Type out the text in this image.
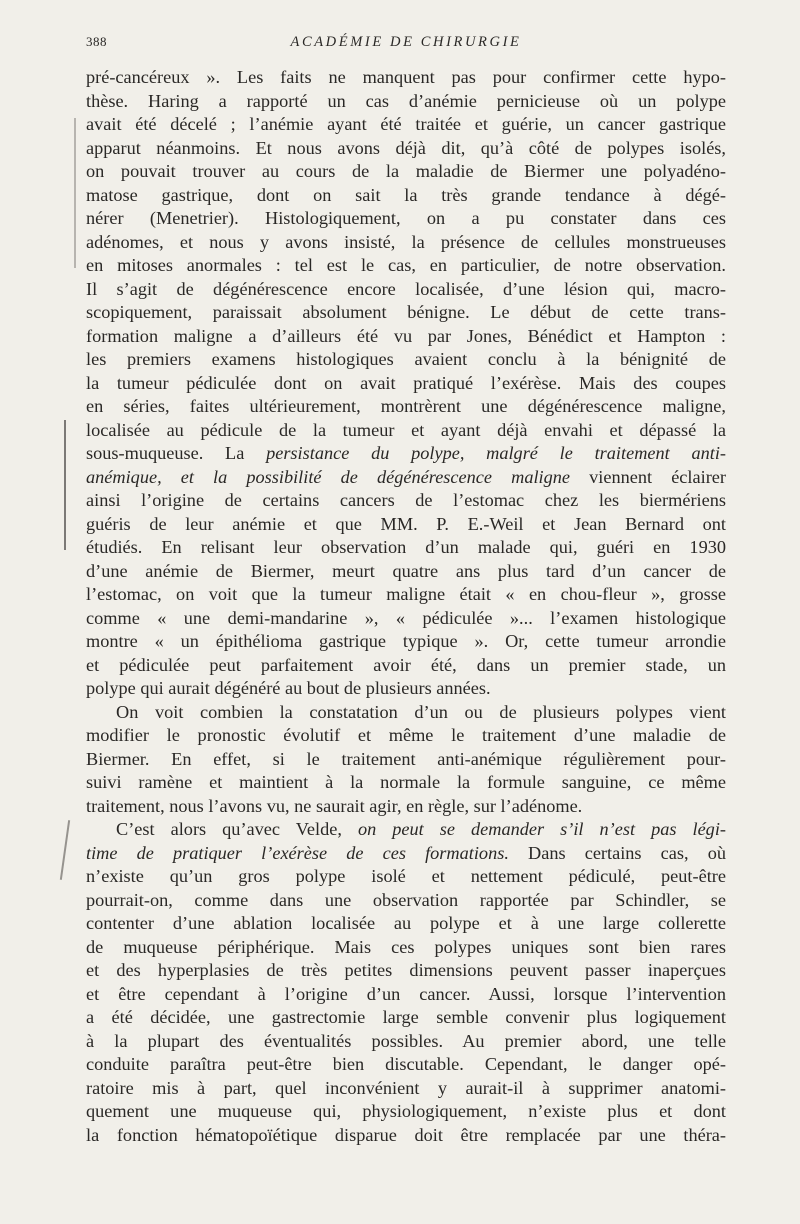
388	ACADÉMIE DE CHIRURGIE
pré-cancéreux ». Les faits ne manquent pas pour confirmer cette hypo-
thèse. Haring a rapporté un cas d’anémie pernicieuse où un polype
avait été décelé ; l’anémie ayant été traitée et guérie, un cancer gastrique
apparut néanmoins. Et nous avons déjà dit, qu’à côté de polypes isolés,
on pouvait trouver au cours de la maladie de Biermer une polyadéno-
matose gastrique, dont on sait la très grande tendance à dégé-
nérer (Menetrier). Histologiquement, on a pu constater dans ces
adénomes, et nous y avons insisté, la présence de cellules monstrueuses
en mitoses anormales : tel est le cas, en particulier, de notre observation.
Il s’agit de dégénérescence encore localisée, d’une lésion qui, macro-
scopiquement, paraissait absolument bénigne. Le début de cette trans-
formation maligne a d’ailleurs été vu par Jones, Bénédict et Hampton :
les premiers examens histologiques avaient conclu à la bénignité de
la tumeur pédiculée dont on avait pratiqué l’exérèse. Mais des coupes
en séries, faites ultérieurement, montrèrent une dégénérescence maligne,
localisée au pédicule de la tumeur et ayant déjà envahi et dépassé la
sous-muqueuse. La persistance du polype, malgré le traitement anti-
anémique, et la possibilité de dégénérescence maligne viennent éclairer
ainsi l’origine de certains cancers de l’estomac chez les biermériens
guéris de leur anémie et que MM. P. E.-Weil et Jean Bernard ont
étudiés. En relisant leur observation d’un malade qui, guéri en 1930
d’une anémie de Biermer, meurt quatre ans plus tard d’un cancer de
l’estomac, on voit que la tumeur maligne était « en chou-fleur », grosse
comme « une demi-mandarine », « pédiculée »... l’examen histologique
montre « un épithélioma gastrique typique ». Or, cette tumeur arrondie
et pédiculée peut parfaitement avoir été, dans un premier stade, un
polype qui aurait dégénéré au bout de plusieurs années.
On voit combien la constatation d’un ou de plusieurs polypes vient
modifier le pronostic évolutif et même le traitement d’une maladie de
Biermer. En effet, si le traitement anti-anémique régulièrement pour-
suivi ramène et maintient à la normale la formule sanguine, ce même
traitement, nous l’avons vu, ne saurait agir, en règle, sur l’adénome.
C’est alors qu’avec Velde, on peut se demander s’il n’est pas légi-
time de pratiquer l’exérèse de ces formations. Dans certains cas, où
n’existe qu’un gros polype isolé et nettement pédiculé, peut-être
pourrait-on, comme dans une observation rapportée par Schindler, se
contenter d’une ablation localisée au polype et à une large collerette
de muqueuse périphérique. Mais ces polypes uniques sont bien rares
et des hyperplasies de très petites dimensions peuvent passer inaperçues
et être cependant à l’origine d’un cancer. Aussi, lorsque l’intervention
a été décidée, une gastrectomie large semble convenir plus logiquement
à la plupart des éventualités possibles. Au premier abord, une telle
conduite paraîtra peut-être bien discutable. Cependant, le danger opé-
ratoire mis à part, quel inconvénient y aurait-il à supprimer anatomi-
quement une muqueuse qui, physiologiquement, n’existe plus et dont
la fonction hématopoïétique disparue doit être remplacée par une théra-
